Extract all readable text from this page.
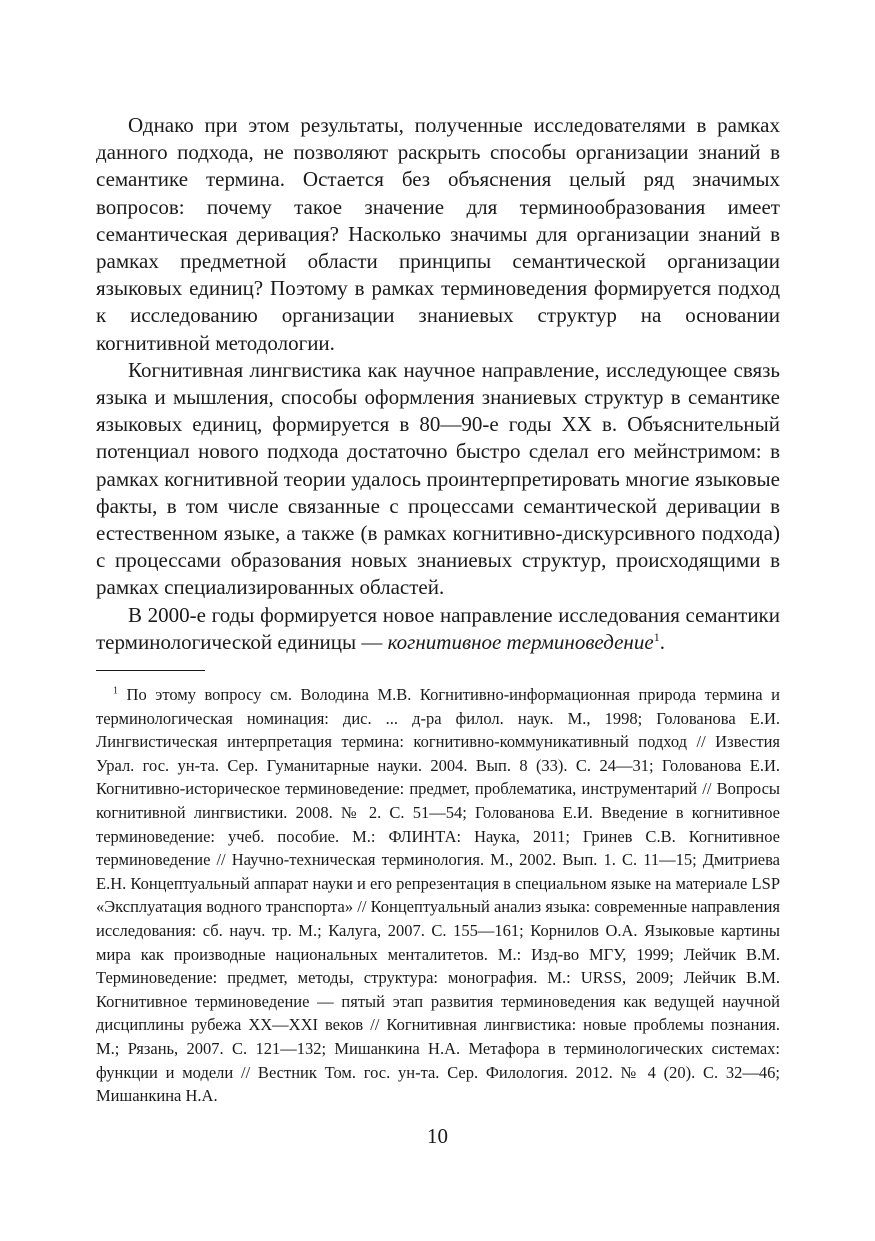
Однако при этом результаты, полученные исследователями в рамках данного подхода, не позволяют раскрыть способы организации знаний в семантике термина. Остается без объяснения целый ряд значимых вопросов: почему такое значение для терминообразования имеет семантическая деривация? Насколько значимы для организации знаний в рамках предметной области принципы семантической организации языковых единиц? Поэтому в рамках терминоведения формируется подход к исследованию организации знаниевых структур на основании когнитивной методологии.

Когнитивная лингвистика как научное направление, исследующее связь языка и мышления, способы оформления знаниевых структур в семантике языковых единиц, формируется в 80—90-е годы XX в. Объяснительный потенциал нового подхода достаточно быстро сделал его мейнстримом: в рамках когнитивной теории удалось проинтерпретировать многие языковые факты, в том числе связанные с процессами семантической деривации в естественном языке, а также (в рамках когнитивно-дискурсивного подхода) с процессами образования новых знаниевых структур, происходящими в рамках специализированных областей.

В 2000-е годы формируется новое направление исследования семантики терминологической единицы — когнитивное терминоведение$^1$.

$^1$ По этому вопросу см. Володина М.В. Когнитивно-информационная природа термина и терминологическая номинация: дис. ... д-ра филол. наук. М., 1998; Голованова Е.И. Лингвистическая интерпретация термина: когнитивно-коммуникативный подход // Известия Урал. гос. ун-та. Сер. Гуманитарные науки. 2004. Вып. 8 (33). С. 24—31; Голованова Е.И. Когнитивно-историческое терминоведение: предмет, проблематика, инструментарий // Вопросы когнитивной лингвистики. 2008. № 2. С. 51—54; Голованова Е.И. Введение в когнитивное терминоведение: учеб. пособие. М.: ФЛИНТА: Наука, 2011; Гринев С.В. Когнитивное терминоведение // Научно-техническая терминология. М., 2002. Вып. 1. С. 11—15; Дмитриева Е.Н. Концептуальный аппарат науки и его репрезентация в специальном языке на материале LSP «Эксплуатация водного транспорта» // Концептуальный анализ языка: современные направления исследования: сб. науч. тр. М.; Калуга, 2007. С. 155—161; Корнилов О.А. Языковые картины мира как производные национальных менталитетов. М.: Изд-во МГУ, 1999; Лейчик В.М. Терминоведение: предмет, методы, структура: монография. М.: URSS, 2009; Лейчик В.М. Когнитивное терминоведение — пятый этап развития терминоведения как ведущей научной дисциплины рубежа XX—XXI веков // Когнитивная лингвистика: новые проблемы познания. М.; Рязань, 2007. С. 121—132; Мишанкина Н.А. Метафора в терминологических системах: функции и модели // Вестник Том. гос. ун-та. Сер. Филология. 2012. № 4 (20). С. 32—46; Мишанкина Н.А.

10
